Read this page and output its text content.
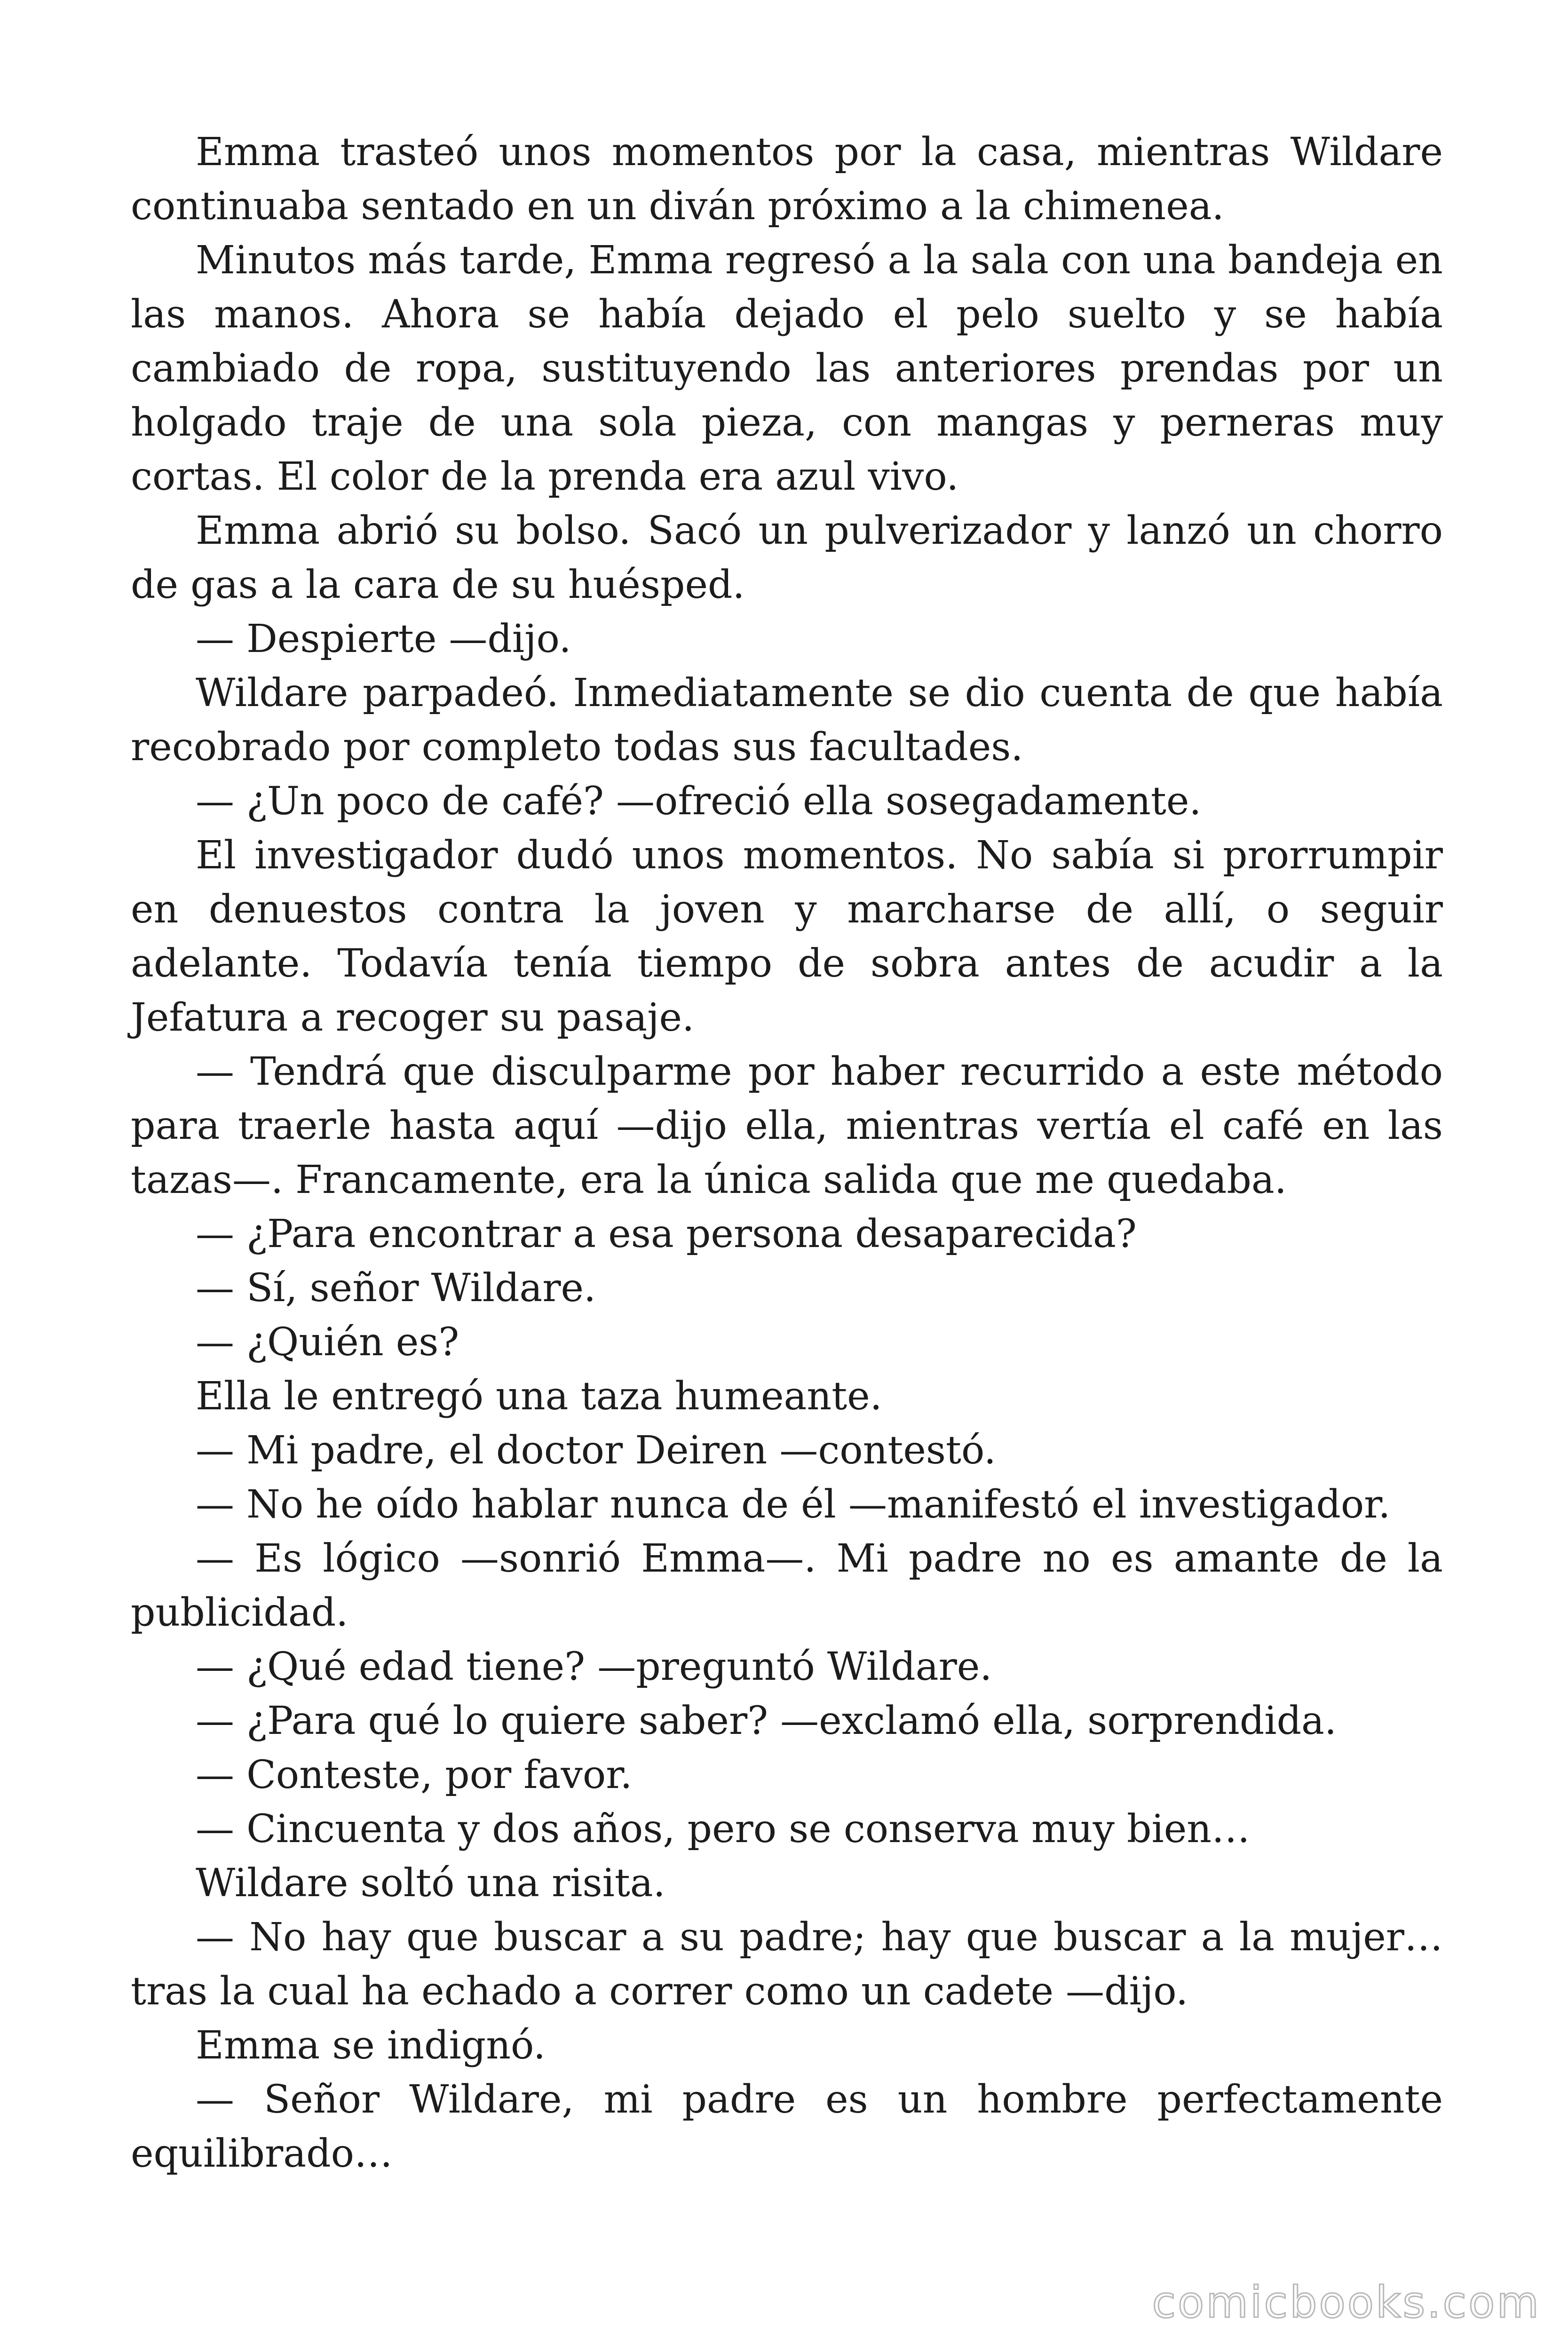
Emma trasteó unos momentos por la casa, mientras Wildare continuaba sentado en un diván próximo a la chimenea.

Minutos más tarde, Emma regresó a la sala con una bandeja en las manos. Ahora se había dejado el pelo suelto y se había cambiado de ropa, sustituyendo las anteriores prendas por un holgado traje de una sola pieza, con mangas y perneras muy cortas. El color de la prenda era azul vivo.

Emma abrió su bolso. Sacó un pulverizador y lanzó un chorro de gas a la cara de su huésped.

— Despierte —dijo.

Wildare parpadeó. Inmediatamente se dio cuenta de que había recobrado por completo todas sus facultades.

— ¿Un poco de café? —ofreció ella sosegadamente.

El investigador dudó unos momentos. No sabía si prorrumpir en denuestos contra la joven y marcharse de allí, o seguir adelante. Todavía tenía tiempo de sobra antes de acudir a la Jefatura a recoger su pasaje.

— Tendrá que disculparme por haber recurrido a este método para traerle hasta aquí —dijo ella, mientras vertía el café en las tazas—. Francamente, era la única salida que me quedaba.

— ¿Para encontrar a esa persona desaparecida?

— Sí, señor Wildare.

— ¿Quién es?

Ella le entregó una taza humeante.

— Mi padre, el doctor Deiren —contestó.

— No he oído hablar nunca de él —manifestó el investigador.

— Es lógico —sonrió Emma—. Mi padre no es amante de la publicidad.

— ¿Qué edad tiene? —preguntó Wildare.

— ¿Para qué lo quiere saber? —exclamó ella, sorprendida.

— Conteste, por favor.

— Cincuenta y dos años, pero se conserva muy bien…

Wildare soltó una risita.

— No hay que buscar a su padre; hay que buscar a la mujer… tras la cual ha echado a correr como un cadete —dijo.

Emma se indignó.

— Señor Wildare, mi padre es un hombre perfectamente equilibrado…

comicbooks.com
